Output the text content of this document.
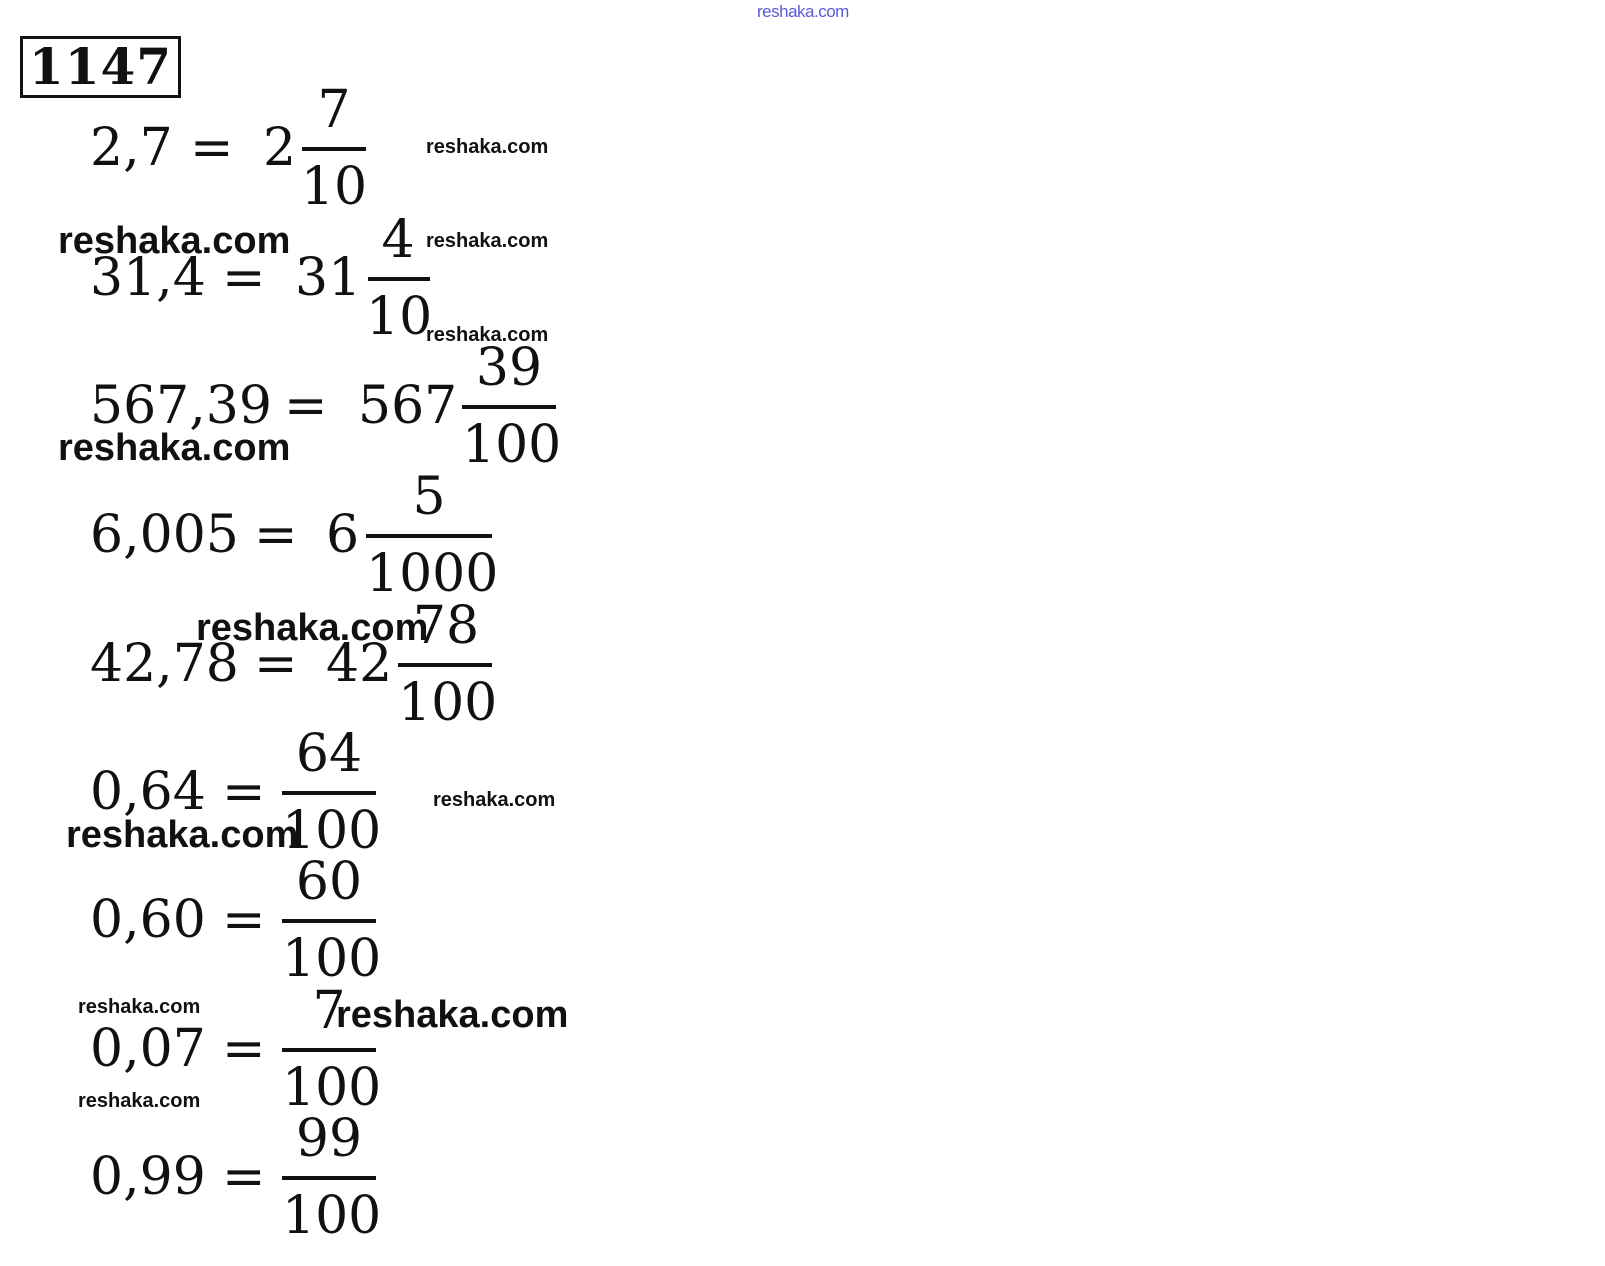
reshaka.com
1147
2,7 = 2
7
10
31,4 = 31
4
10
567,39 = 567
39
100
6,005 = 6
5
1000
42,78 = 42
78
100
0,64 =
64
100
0,60 =
60
100
0,07 =
7
100
0,99 =
99
100
reshaka.com
reshaka.com	reshaka.com
reshaka.com
reshaka.com
reshaka.com
reshaka.com
reshaka.com
reshaka.com	reshaka.com
reshaka.com
